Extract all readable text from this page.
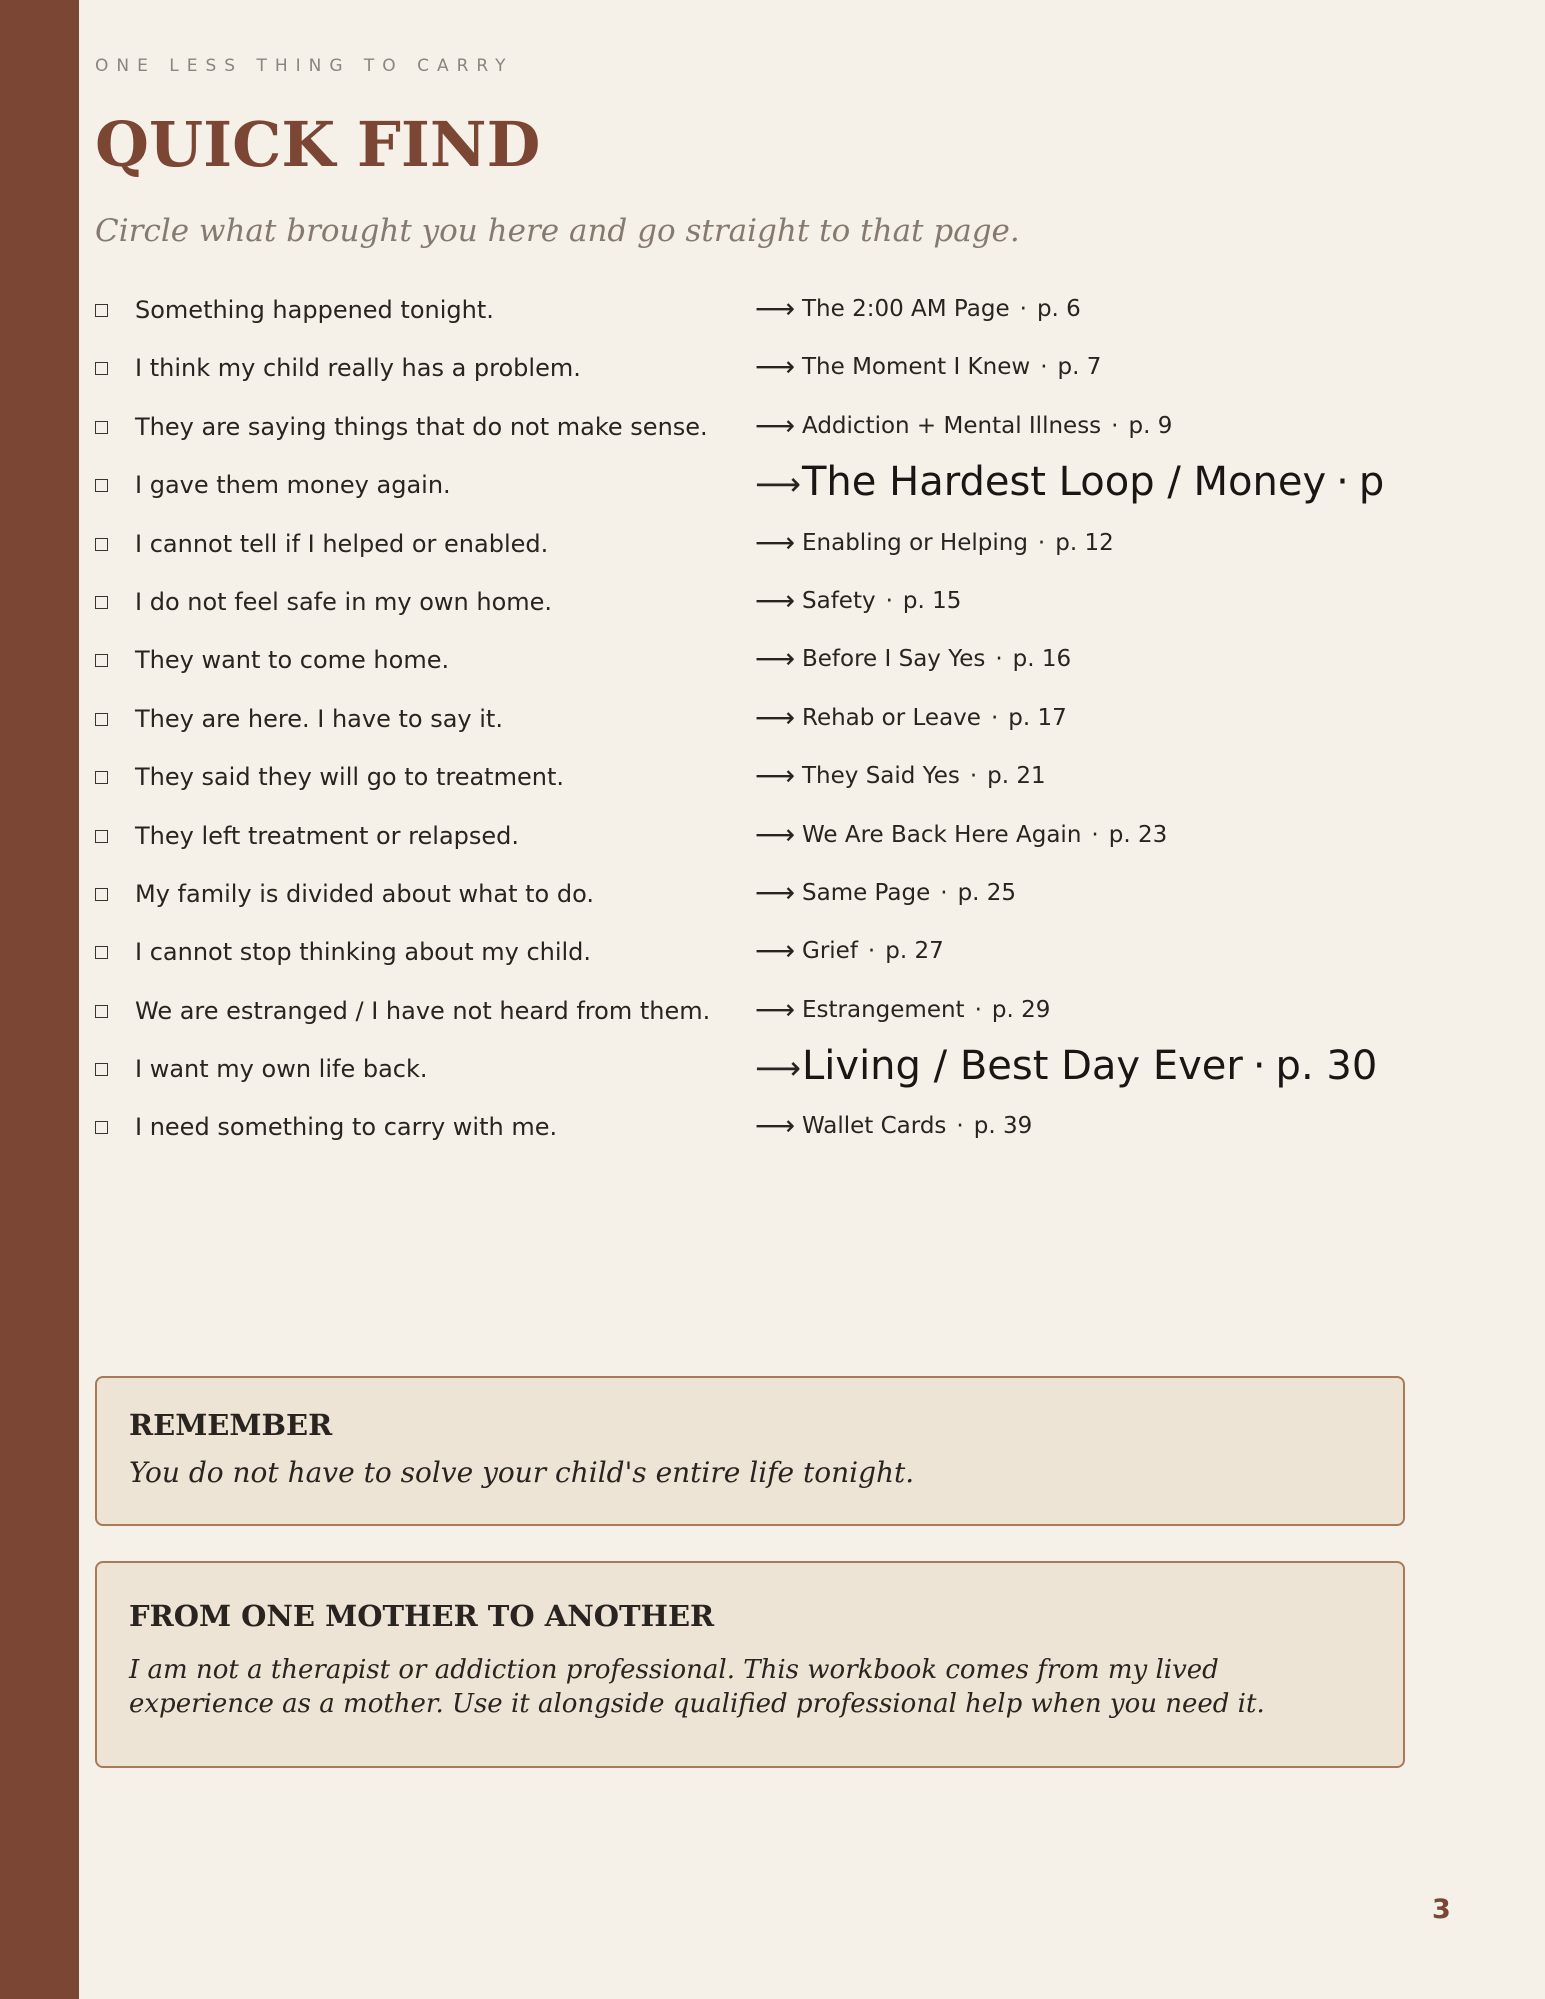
ONE LESS THING TO CARRY
QUICK FIND
Circle what brought you here and go straight to that page.
Something happened tonight.	⟶ The 2:00 AM Page · p. 6
I think my child really has a problem.	⟶ The Moment I Knew · p. 7
They are saying things that do not make sense. ⟶ Addiction + Mental Illness · p. 9
I gave them money again.	⟶ The Hardest Loop / Money · p
I cannot tell if I helped or enabled.	⟶ Enabling or Helping · p. 12
I do not feel safe in my own home.	⟶ Safety · p. 15
They want to come home.	⟶ Before I Say Yes · p. 16
They are here. I have to say it.	⟶ Rehab or Leave · p. 17
They said they will go to treatment.	⟶ They Said Yes · p. 21
They left treatment or relapsed.	⟶ We Are Back Here Again · p. 23
My family is divided about what to do.	⟶ Same Page · p. 25
I cannot stop thinking about my child.	⟶ Grief · p. 27
We are estranged / I have not heard from them. ⟶ Estrangement · p. 29
I want my own life back.	⟶ Living / Best Day Ever · p. 30
I need something to carry with me.	⟶ Wallet Cards · p. 39
REMEMBER
You do not have to solve your child's entire life tonight.
FROM ONE MOTHER TO ANOTHER
I am not a therapist or addiction professional. This workbook comes from my lived experience as a mother. Use it alongside qualified professional help when you need it.
3
